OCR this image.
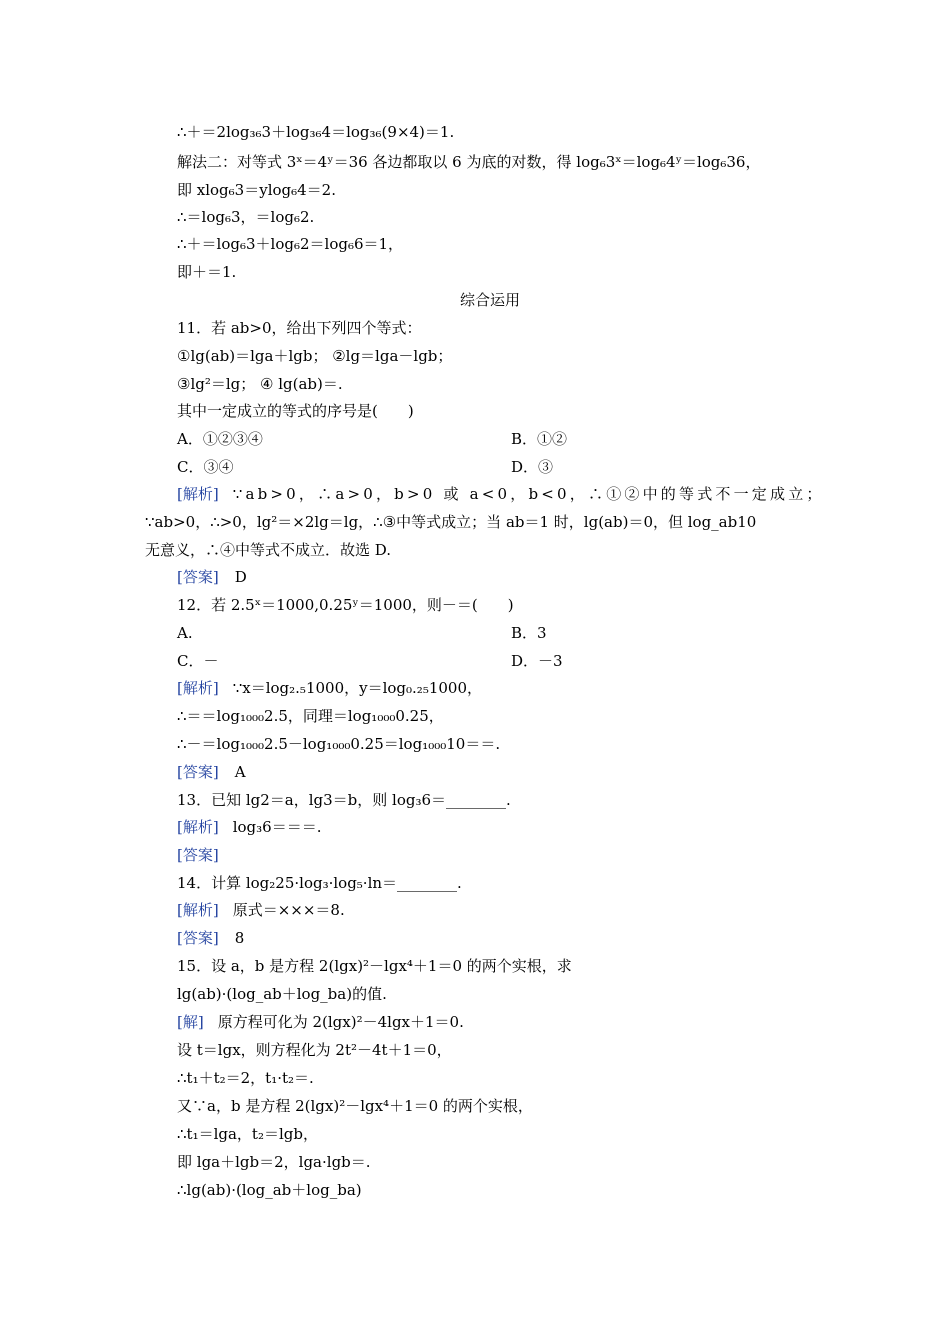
∴＋＝2log₃₆3＋log₃₆4＝log₃₆(9×4)＝1.
解法二：对等式 3ˣ＝4ʸ＝36 各边都取以 6 为底的对数，得 log₆3ˣ＝log₆4ʸ＝log₆36，
即 xlog₆3＝ylog₆4＝2.
∴＝log₆3，＝log₆2.
∴＋＝log₆3＋log₆2＝log₆6＝1，
即＋＝1.
综合运用
11．若 ab>0，给出下列四个等式：
①lg(ab)＝lga＋lgb； ②lg＝lga－lgb；
③lg²＝lg； ④ lg(ab)＝.
其中一定成立的等式的序号是(　　)
A．①②③④	B．①②
C．③④	D．③
[解析] ∵ab>0，∴a>0，b>0 或 a<0，b<0，∴①②中的等式不一定成立；
∵ab>0，∴>0，lg²＝×2lg＝lg，∴③中等式成立；当 ab＝1 时，lg(ab)＝0，但 log_ab10
无意义，∴④中等式不成立．故选 D.
[答案] D
12．若 2.5ˣ＝1000,0.25ʸ＝1000，则－＝(　　)
A.	B．3
C．－	D．－3
[解析] ∵x＝log₂.₅1000，y＝log₀.₂₅1000，
∴＝＝log₁₀₀₀2.5，同理＝log₁₀₀₀0.25，
∴－＝log₁₀₀₀2.5－log₁₀₀₀0.25＝log₁₀₀₀10＝＝.
[答案] A
13．已知 lg2＝a，lg3＝b，则 log₃6＝________.
[解析] log₃6＝＝＝.
[答案]
14．计算 log₂25·log₃·log₅·ln＝________.
[解析] 原式＝×××＝8.
[答案] 8
15．设 a，b 是方程 2(lgx)²－lgx⁴＋1＝0 的两个实根，求
lg(ab)·(log_ab＋log_ba)的值.
[解] 原方程可化为 2(lgx)²－4lgx＋1＝0.
设 t＝lgx，则方程化为 2t²－4t＋1＝0，
∴t₁＋t₂＝2，t₁·t₂＝.
又∵a，b 是方程 2(lgx)²－lgx⁴＋1＝0 的两个实根，
∴t₁＝lga，t₂＝lgb，
即 lga＋lgb＝2，lga·lgb＝.
∴lg(ab)·(log_ab＋log_ba)
